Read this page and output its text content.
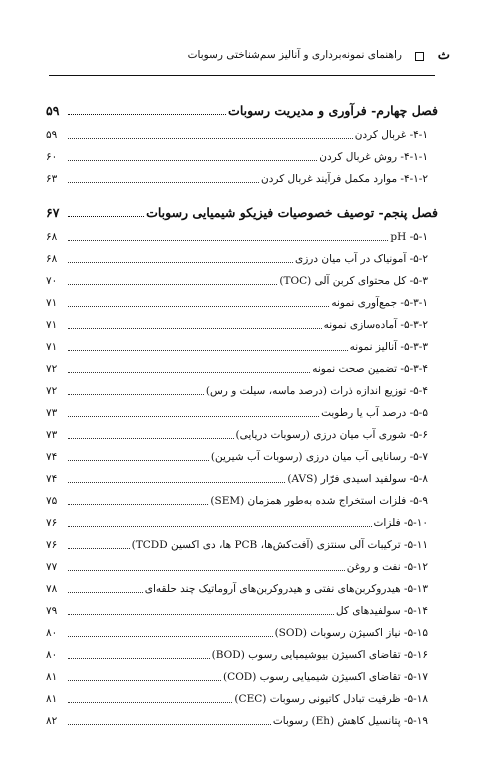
ث
راهنمای نمونه‌برداری و آنالیز سم‌شناختی رسوبات
فصل چهارم- فرآوری و مدیریت رسوبات
۵۹
۴-۱- غربال کردن
۵۹
۴-۱-۱- روش غربال کردن
۶۰
۴-۱-۲- موارد مکمل فرآیند غربال کردن
۶۳
فصل پنجم- توصیف خصوصیات فیزیکو شیمیایی رسوبات
۶۷
۵-۱- pH
۶۸
۵-۲- آمونیاک در آب میان درزی
۶۸
۵-۳- کل محتوای کربن آلی (TOC)
۷۰
۵-۳-۱- جمع‌آوری نمونه
۷۱
۵-۳-۲- آماده‌سازی نمونه
۷۱
۵-۳-۳- آنالیز نمونه
۷۱
۵-۳-۴- تضمین صحت نمونه
۷۲
۵-۴- توزیع اندازه ذرات (درصد ماسه، سیلت و رس)
۷۲
۵-۵- درصد آب یا رطوبت
۷۳
۵-۶- شوری آب میان درزی (رسوبات دریایی)
۷۳
۵-۷- رسانایی آب میان درزی (رسوبات آب شیرین)
۷۴
۵-۸- سولفید اسیدی فرّار (AVS)
۷۴
۵-۹- فلزات استخراج شده به‌طور همزمان (SEM)
۷۵
۵-۱۰- فلزات
۷۶
۵-۱۱- ترکیبات آلی سنتزی (آفت‌کش‌ها، PCB ها، دی اکسین TCDD)
۷۶
۵-۱۲- نفت و روغن
۷۷
۵-۱۳- هیدروکربن‌های نفتی و هیدروکربن‌های آروماتیک چند حلقه‌ای
۷۸
۵-۱۴- سولفیدهای کل
۷۹
۵-۱۵- نیاز اکسیژن رسوبات (SOD)
۸۰
۵-۱۶- تقاضای اکسیژن بیوشیمیایی رسوب (BOD)
۸۰
۵-۱۷- تقاضای اکسیژن شیمیایی رسوب (COD)
۸۱
۵-۱۸- ظرفیت تبادل کاتیونی رسوبات (CEC)
۸۱
۵-۱۹- پتانسیل کاهش (Eh) رسوبات
۸۲
